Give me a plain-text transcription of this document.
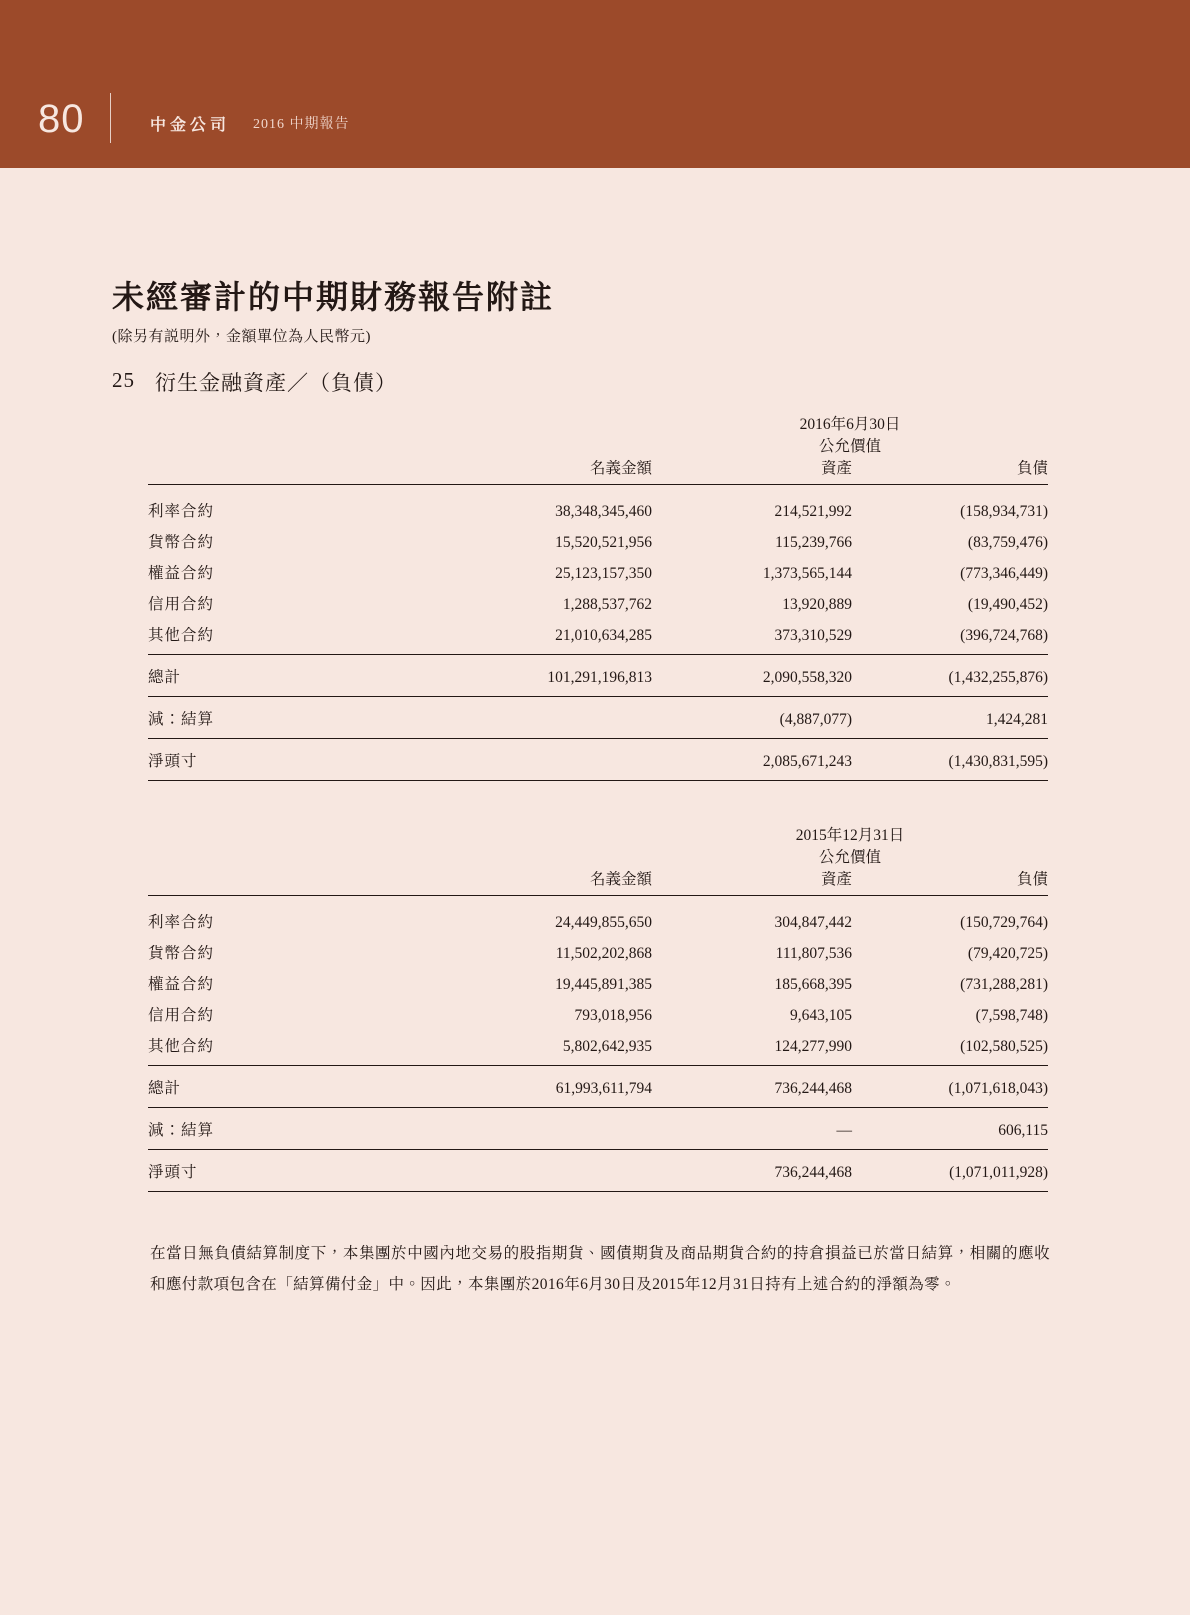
80	中金公司 2016 中期報告
未經審計的中期財務報告附註
(除另有説明外，金額單位為人民幣元)
25 衍生金融資產／（負債）
		2016年6月30日	
		公允價值	
	名義金額	資產	負債

利率合約	38,348,345,460	214,521,992	(158,934,731)
貨幣合約	15,520,521,956	115,239,766	(83,759,476)
權益合約	25,123,157,350	1,373,565,144	(773,346,449)
信用合約	1,288,537,762	13,920,889	(19,490,452)
其他合約	21,010,634,285	373,310,529	(396,724,768)

總計	101,291,196,813	2,090,558,320	(1,432,255,876)

減：結算		(4,887,077)	1,424,281

淨頭寸		2,085,671,243	(1,430,831,595)

		2015年12月31日	
		公允價值	
	名義金額	資產	負債

利率合約	24,449,855,650	304,847,442	(150,729,764)
貨幣合約	11,502,202,868	111,807,536	(79,420,725)
權益合約	19,445,891,385	185,668,395	(731,288,281)
信用合約	793,018,956	9,643,105	(7,598,748)
其他合約	5,802,642,935	124,277,990	(102,580,525)

總計	61,993,611,794	736,244,468	(1,071,618,043)

減：結算		—	606,115

淨頭寸		736,244,468	(1,071,011,928)

在當日無負債結算制度下，本集團於中國內地交易的股指期貨、國債期貨及商品期貨合約的持倉損益已於當日結算，相關的應收和應付款項包含在「結算備付金」中。因此，本集團於2016年6月30日及2015年12月31日持有上述合約的淨額為零。
